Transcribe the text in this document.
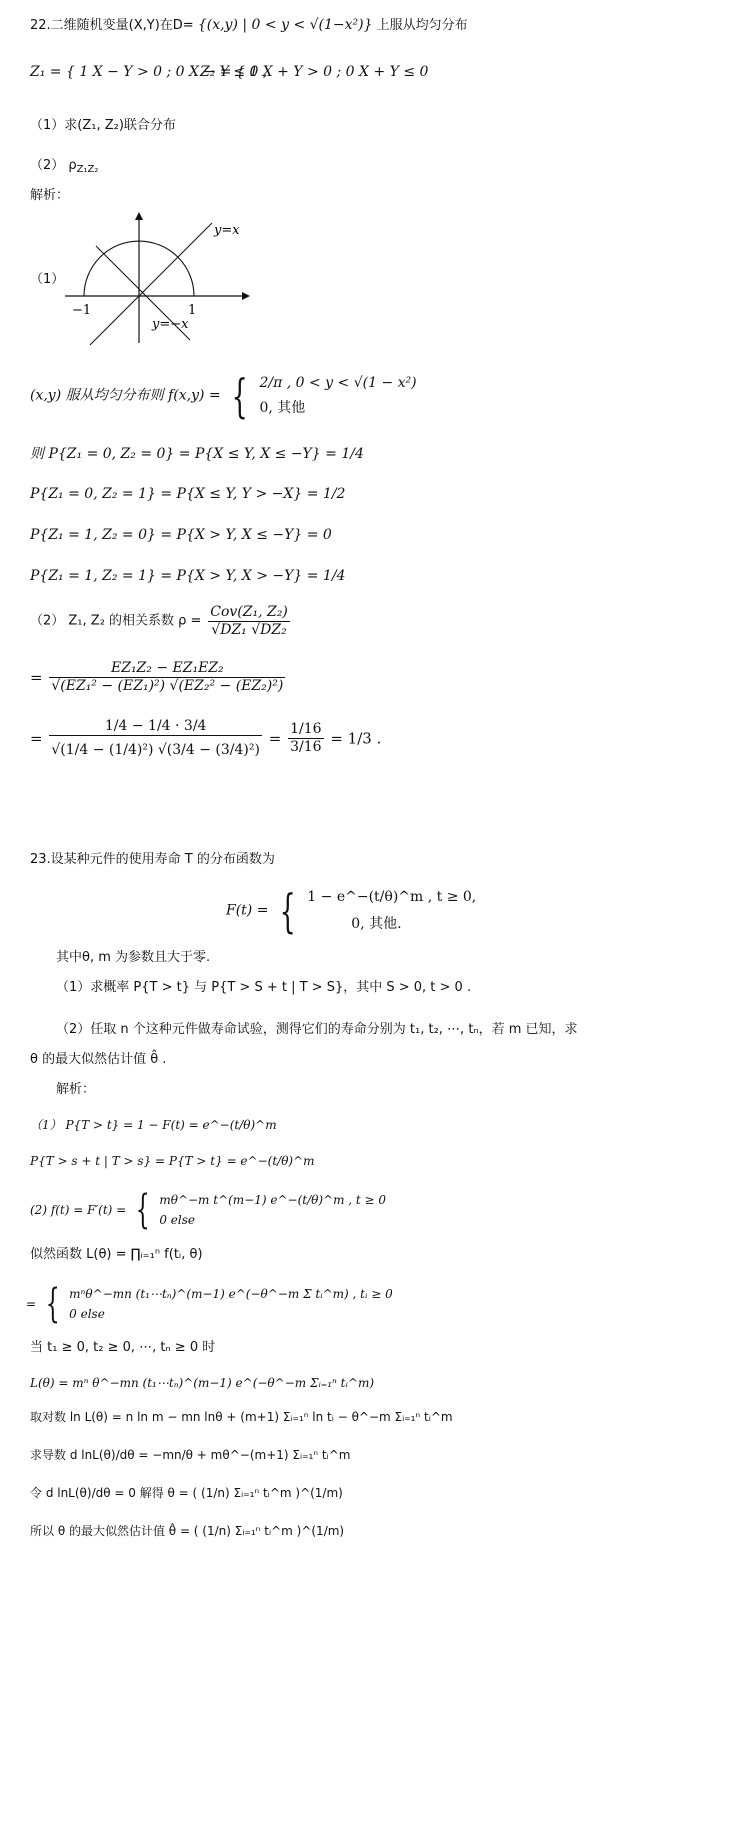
22.二维随机变量(X,Y)在D= {(x,y) | 0 < y < √(1−x²)} 上服从均匀分布
Z₁ = { 1 X − Y > 0 ; 0 X − Y ≤ 0 ,
Z₂ = { 1 X + Y > 0 ; 0 X + Y ≤ 0
（1）求(Z₁, Z₂)联合分布
（2） $\rho_{Z_1Z_2}$
解析：
（1）
y=x
y=−x
−1	1
(x,y) 服从均匀分布则 f(x,y) = { 2/π , 0 < y < √(1 − x²)
0, 其他
则 P{Z₁ = 0, Z₂ = 0} = P{X ≤ Y, X ≤ −Y} = 1/4
P{Z₁ = 0, Z₂ = 1} = P{X ≤ Y, Y > −X} = 1/2
P{Z₁ = 1, Z₂ = 0} = P{X > Y, X ≤ −Y} = 0
P{Z₁ = 1, Z₂ = 1} = P{X > Y, X > −Y} = 1/4
（2） Z₁, Z₂ 的相关系数 $\rho = \frac{\text{Cov(Z₁, Z₂)}}{\text{√DZ₁ √DZ₂}}$
= $\frac{\text{EZ₁Z₂ − EZ₁EZ₂}}{\text{√(EZ₁² − (EZ₁)²) √(EZ₂² − (EZ₂)²)}}$
= $\frac{1/4 - 1/4 \cdot 3/4}{\text{√(1/4 − (1/4)²) √(3/4 − (3/4)²)}} = \frac{1/16}{3/16} = 1/3$ .
23.设某种元件的使用寿命 T 的分布函数为
F(t) = { 1 − e^−(t/θ)^m , t ≥ 0,
0, 其他.
其中θ, m 为参数且大于零.
（1）求概率 P{T > t} 与 P{T > S + t | T > S}，其中 S > 0, t > 0 .
（2）任取 n 个这种元件做寿命试验，测得它们的寿命分别为 t₁, t₂, ⋯, tₙ，若 m 已知，求
θ 的最大似然估计值 θ̂ .
解析：
（1） P{T > t} = 1 − F(t) = e^−(t/θ)^m
P{T > s + t | T > s} = P{T > t} = e^−(t/θ)^m
(2) f(t) = F′(t) = { mθ^−m t^(m−1) e^−(t/θ)^m , t ≥ 0
0 else
似然函数 L(θ) = ∏ᵢ₌₁ⁿ f(tᵢ, θ)
= { mⁿθ^−mn (t₁⋯tₙ)^(m−1) e^(−θ^−m Σ tᵢ^m) , tᵢ ≥ 0
0 else
当 t₁ ≥ 0, t₂ ≥ 0, ⋯, tₙ ≥ 0 时
L(θ) = mⁿ θ^−mn (t₁⋯tₙ)^(m−1) e^(−θ^−m Σᵢ₌₁ⁿ tᵢ^m)
取对数 ln L(θ) = n ln m − mn lnθ + (m+1) Σᵢ₌₁ⁿ ln tᵢ − θ^−m Σᵢ₌₁ⁿ tᵢ^m
求导数 d lnL(θ)/dθ = −mn/θ + mθ^−(m+1) Σᵢ₌₁ⁿ tᵢ^m
令 d lnL(θ)/dθ = 0 解得 θ = ( (1/n) Σᵢ₌₁ⁿ tᵢ^m )^(1/m)
所以 θ 的最大似然估计值 θ̂ = ( (1/n) Σᵢ₌₁ⁿ tᵢ^m )^(1/m)
